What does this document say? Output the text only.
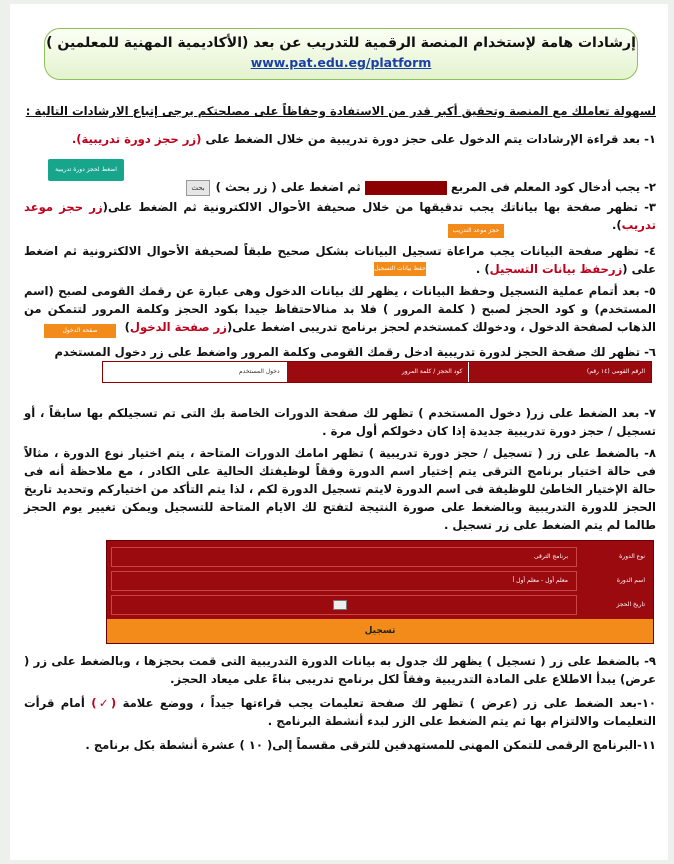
إرشادات هامة لإستخدام المنصة الرقمية للتدريب عن بعد (الأكاديمية المهنية للمعلمين )
www.pat.edu.eg/platform
لسهولة تعاملك مع المنصة وتحقيق أكبر قدر من الاستفادة وحفاظاً على مصلحتكم يرجى إتباع الارشادات التالية :
١- بعد قراءة الإرشادات يتم الدخول على حجز دورة تدريبية من خلال الضغط على (زر حجز دورة تدريبية).
اضغط لحجز دورة تدريبية
٢- يجب أدخال كود المعلم فى المربع  ثم اضغط على ( زر بحث )
بحث
٣- تظهر صفحة بها بياناتك يجب تدقيقها من خلال صحيفة الأحوال الالكترونية ثم الضغط على(زر حجز موعد تدريب).
حجز موعد التدريب
٤- تظهر صفحة البيانات يجب مراعاة تسجيل البيانات بشكل صحيح طبقاً لصحيفة الأحوال الالكترونية ثم اضغط على (زرحفظ بيانات التسجيل) .
حفظ بيانات التسجيل
٥- بعد أتمام عملية التسجيل وحفظ البيانات ، يظهر لك بيانات الدخول وهى عبارة عن رقمك القومى لصبح (اسم المستخدم) و كود الحجز لصبح ( كلمة المرور ) فلا بد منالاحتفاظ جيدا بكود الحجز وكلمة المرور لتتمكن من الذهاب لصفحة الدخول ، ودخولك كمستخدم لحجز برنامج تدريبى اضغط على(زر صفحة الدخول)
صفحة الدخول
٦- تظهر لك صفحة الحجز لدورة تدريبية ادخل رقمك القومى وكلمة المرور واضغط على زر دخول المستخدم
الرقم القومى (١٤ رقم)
كود الحجز / كلمة المرور
دخول المستخدم
٧- بعد الضغط على زر( دخول المستخدم ) تظهر لك صفحة الدورات الخاصة بك التى تم تسجيلكم بها سابقاً ، أو تسجيل / حجز دورة تدريبية جديدة إذا كان دخولكم أول مرة .
٨- بالضغط على زر ( تسجيل / حجز دورة تدريبية ) تظهر امامك الدورات المتاحة ، يتم اختيار نوع الدورة ، مثالاً فى حالة اختيار برنامج الترقى يتم إختيار اسم الدورة وفقاً لوظيفتك الحالية على الكادر ، مع ملاحظة أنه فى حالة الإختيار الخاطئ للوظيفة فى اسم الدورة لايتم تسجيل الدورة لكم ، لذا يتم التأكد من اختياركم وتحديد تاريخ الحجز للدورة التدريبية وبالضغط على صورة النتيجة لتفتح لك الايام المتاحة للتسجيل ويمكن تغيير يوم الحجز طالما لم يتم الضغط على زر تسجيل .
نوع الدورة
برنامج الترقى
اسم الدورة
معلم أول - معلم أول أ
تاريخ الحجز
تسجيل
٩- بالضغط على زر ( تسجيل ) يظهر لك جدول به بيانات الدورة التدريبية التى قمت بحجزها ، وبالضغط على زر ( عرض) يبدأ الاطلاع على المادة التدريبية وفقاً لكل برنامج تدريبى بناءً على ميعاد الحجز.
١٠-بعد الضغط على زر (عرض ) تظهر لك صفحة تعليمات يجب قراءتها جيداً ، ووضع علامة (✓) أمام قرأت التعليمات والالتزام بها ثم يتم الضغط على الزر لبدء أنشطة البرنامج .
١١-البرنامج الرقمى للتمكن المهنى للمستهدفين للترقى مقسماً إلى( ١٠ ) عشرة أنشطة بكل برنامج .
